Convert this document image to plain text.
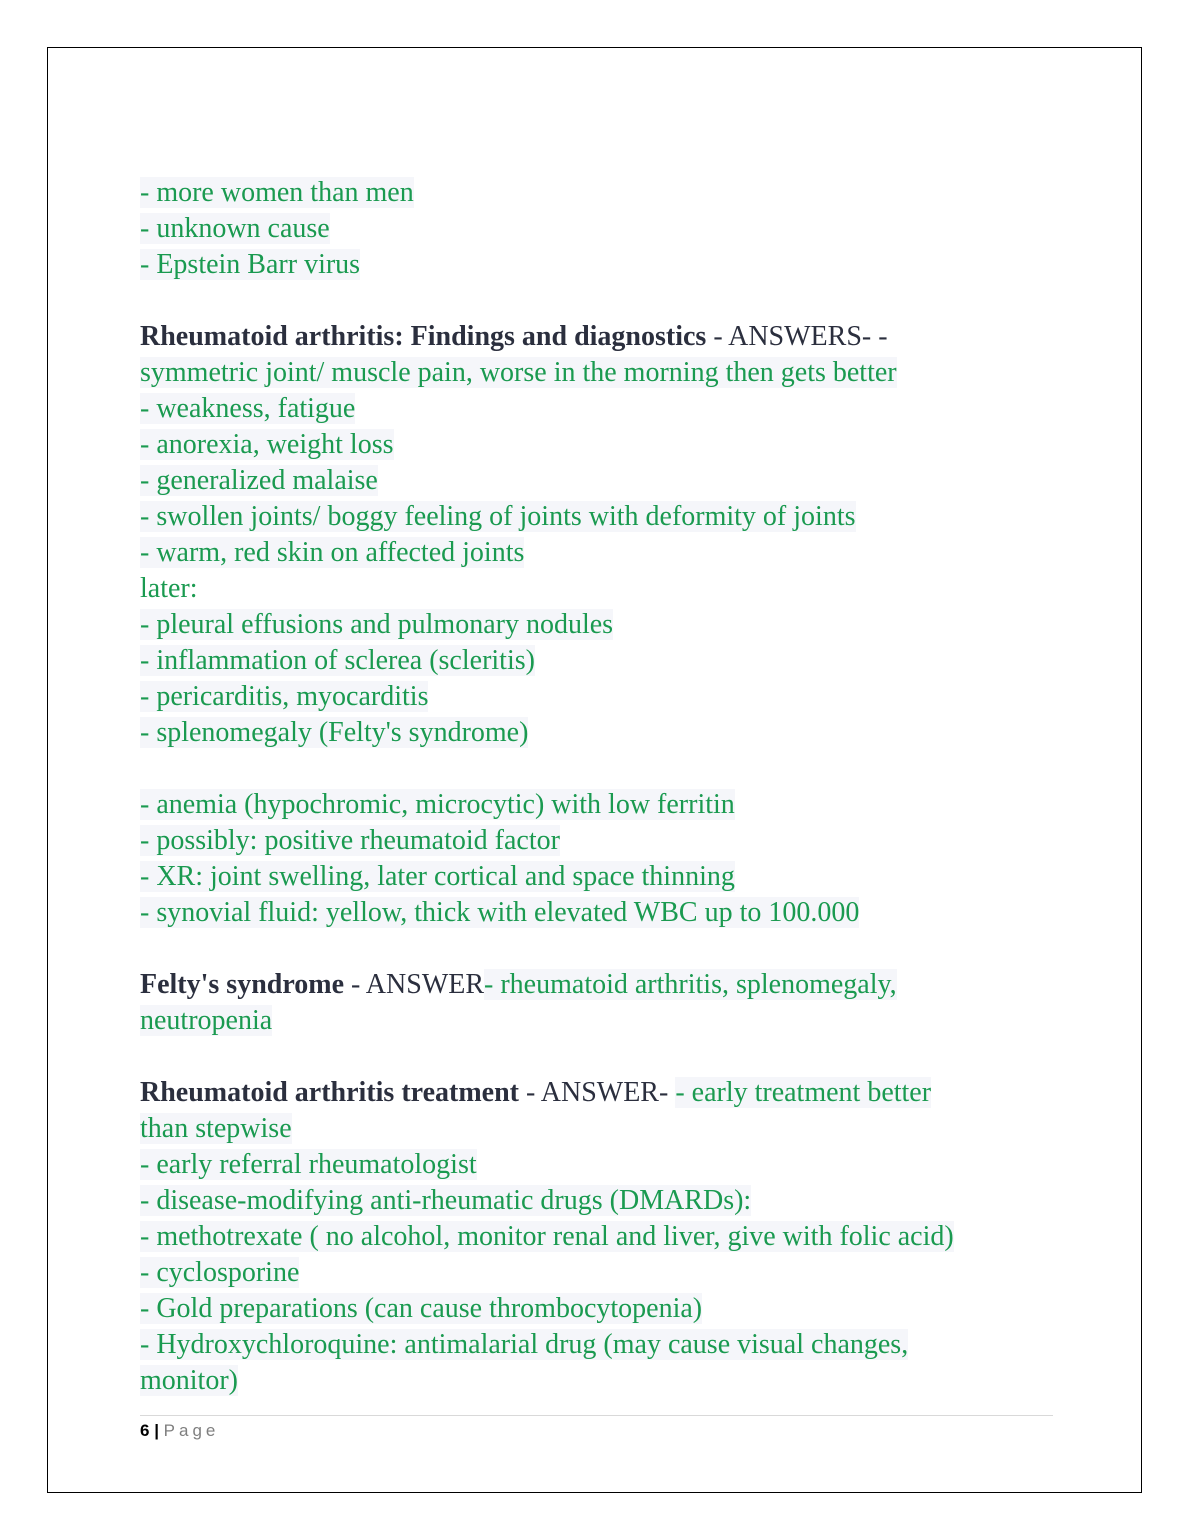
- more women than men
- unknown cause
- Epstein Barr virus
Rheumatoid arthritis: Findings and diagnostics - ANSWERS- -
symmetric joint/ muscle pain, worse in the morning then gets better
- weakness, fatigue
- anorexia, weight loss
- generalized malaise
- swollen joints/ boggy feeling of joints with deformity of joints
- warm, red skin on affected joints
later:
- pleural effusions and pulmonary nodules
- inflammation of sclerea (scleritis)
- pericarditis, myocarditis
- splenomegaly (Felty's syndrome)
- anemia (hypochromic, microcytic) with low ferritin
- possibly: positive rheumatoid factor
- XR: joint swelling, later cortical and space thinning
- synovial fluid: yellow, thick with elevated WBC up to 100.000
Felty's syndrome - ANSWER- rheumatoid arthritis, splenomegaly,
neutropenia
Rheumatoid arthritis treatment - ANSWER- - early treatment better
than stepwise
- early referral rheumatologist
- disease-modifying anti-rheumatic drugs (DMARDs):
- methotrexate ( no alcohol, monitor renal and liver, give with folic acid)
- cyclosporine
- Gold preparations (can cause thrombocytopenia)
- Hydroxychloroquine: antimalarial drug (may cause visual changes,
monitor)
6 | Page
